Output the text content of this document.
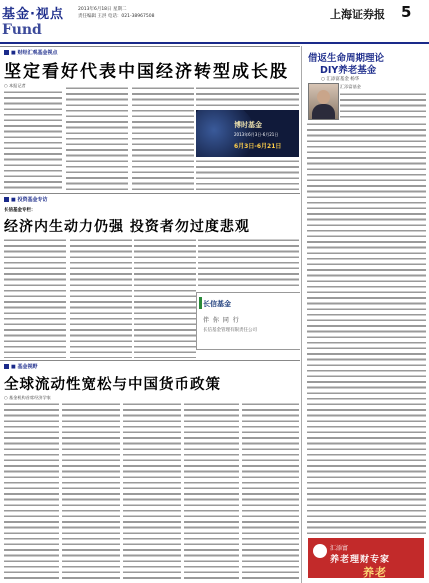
基金·视点
Fund
2013年6月18日 星期二
责任编辑 王洪 电话：021-38967508	上海证券报 5
■ 财经汇观基金视点
坚定看好代表中国经济转型成长股
○ 本报记者
博时基金
2013年6月3日-6月21日
6月3日-6月21日
■ 投资基金专访
长信基金专栏：
经济内生动力仍强 投资者勿过度悲观
长信基金
伴 你 同 行
长信基金管理有限责任公司
■ 基金视野
全球流动性宽松与中国货币政策
○ 基金机构首席经济学家
借返生命周期理论
DIY养老基金
○ 汇添富基金 杨华
汇添富基金
汇添富
养老理财专家
养老
